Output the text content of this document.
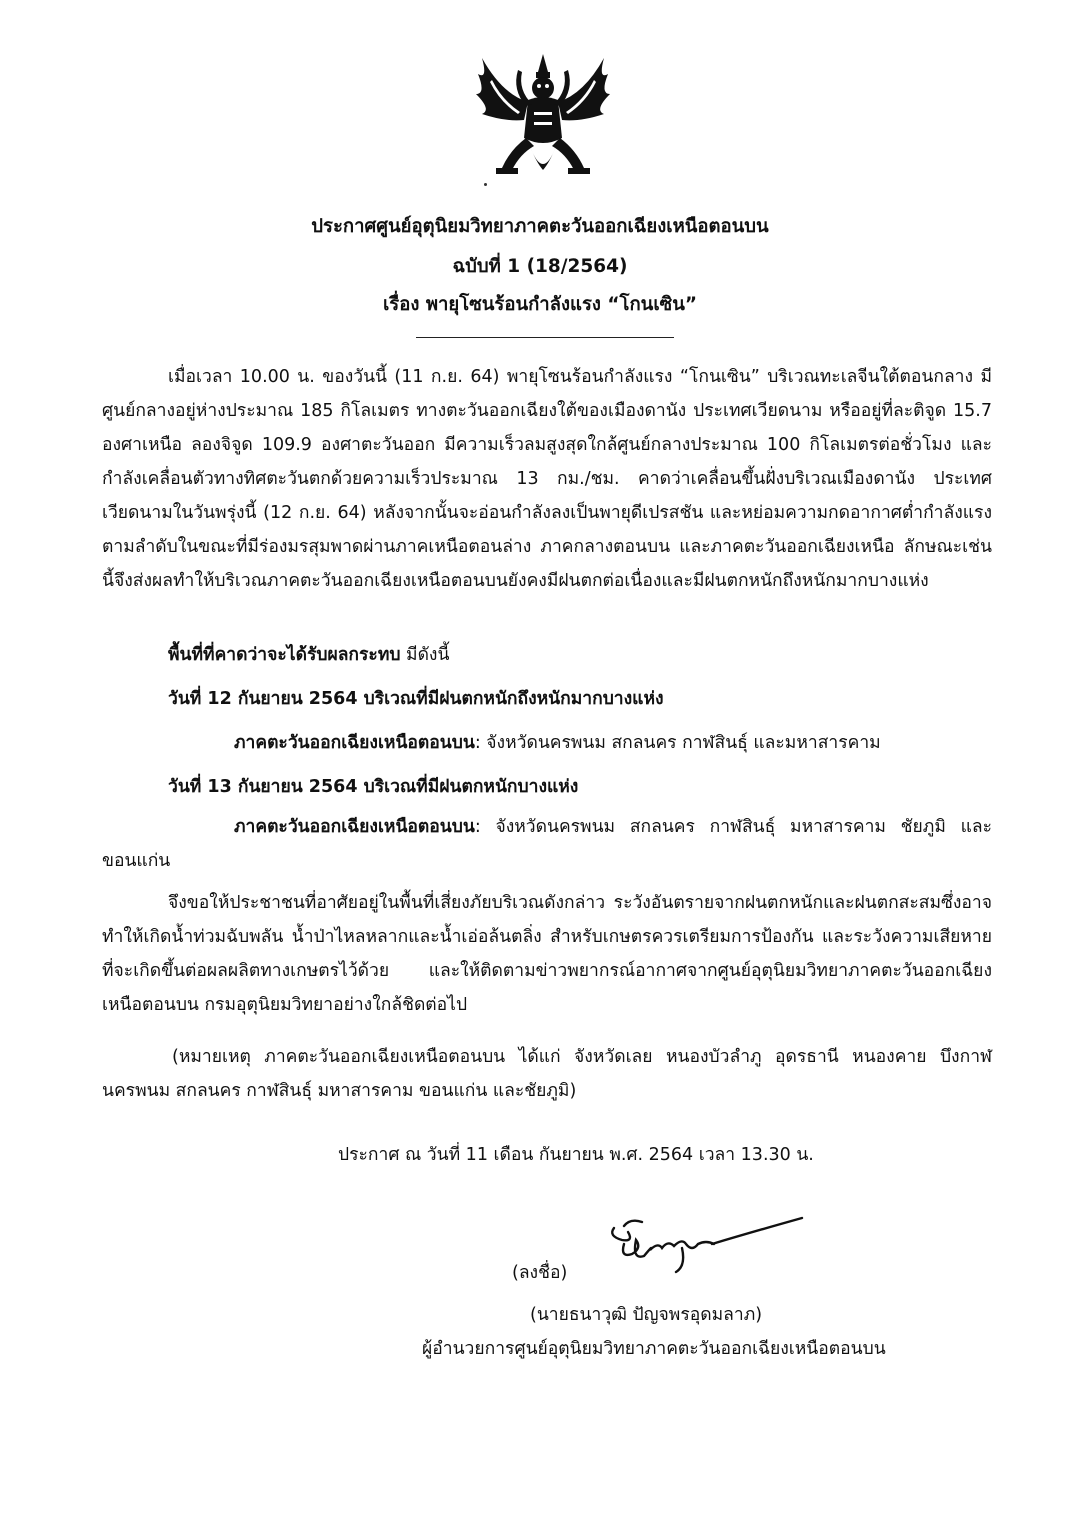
ประกาศศูนย์อุตุนิยมวิทยาภาคตะวันออกเฉียงเหนือตอนบน
ฉบับที่ 1 (18/2564)
เรื่อง พายุโซนร้อนกำลังแรง “โกนเซิน”

เมื่อเวลา 10.00 น. ของวันนี้ (11 ก.ย. 64) พายุโซนร้อนกำลังแรง “โกนเซิน” บริเวณทะเลจีนใต้ตอนกลาง มีศูนย์กลางอยู่ห่างประมาณ 185 กิโลเมตร ทางตะวันออกเฉียงใต้ของเมืองดานัง ประเทศเวียดนาม หรืออยู่ที่ละติจูด 15.7 องศาเหนือ ลองจิจูด 109.9 องศาตะวันออก มีความเร็วลมสูงสุดใกล้ศูนย์กลางประมาณ 100 กิโลเมตรต่อชั่วโมง และกำลังเคลื่อนตัวทางทิศตะวันตกด้วยความเร็วประมาณ 13 กม./ชม. คาดว่าเคลื่อนขึ้นฝั่งบริเวณเมืองดานัง ประเทศเวียดนามในวันพรุ่งนี้ (12 ก.ย. 64) หลังจากนั้นจะอ่อนกำลังลงเป็นพายุดีเปรสชัน และหย่อมความกดอากาศต่ำกำลังแรงตามลำดับในขณะที่มีร่องมรสุมพาดผ่านภาคเหนือตอนล่าง ภาคกลางตอนบน และภาคตะวันออกเฉียงเหนือ ลักษณะเช่นนี้จึงส่งผลทำให้บริเวณภาคตะวันออกเฉียงเหนือตอนบนยังคงมีฝนตกต่อเนื่องและมีฝนตกหนักถึงหนักมากบางแห่ง

พื้นที่ที่คาดว่าจะได้รับผลกระทบ มีดังนี้
วันที่ 12 กันยายน 2564 บริเวณที่มีฝนตกหนักถึงหนักมากบางแห่ง
ภาคตะวันออกเฉียงเหนือตอนบน: จังหวัดนครพนม สกลนคร กาฬสินธุ์ และมหาสารคาม
วันที่ 13 กันยายน 2564 บริเวณที่มีฝนตกหนักบางแห่ง

ภาคตะวันออกเฉียงเหนือตอนบน: จังหวัดนครพนม สกลนคร กาฬสินธุ์ มหาสารคาม ชัยภูมิ และขอนแก่น

จึงขอให้ประชาชนที่อาศัยอยู่ในพื้นที่เสี่ยงภัยบริเวณดังกล่าว ระวังอันตรายจากฝนตกหนักและฝนตกสะสมซึ่งอาจทำให้เกิดน้ำท่วมฉับพลัน น้ำป่าไหลหลากและน้ำเอ่อล้นตลิ่ง สำหรับเกษตรควรเตรียมการป้องกัน และระวังความเสียหายที่จะเกิดขึ้นต่อผลผลิตทางเกษตรไว้ด้วย และให้ติดตามข่าวพยากรณ์อากาศจากศูนย์อุตุนิยมวิทยาภาคตะวันออกเฉียงเหนือตอนบน กรมอุตุนิยมวิทยาอย่างใกล้ชิดต่อไป

(หมายเหตุ ภาคตะวันออกเฉียงเหนือตอนบน ได้แก่ จังหวัดเลย หนองบัวลำภู อุดรธานี หนองคาย บึงกาฬ นครพนม สกลนคร กาฬสินธุ์ มหาสารคาม ขอนแก่น และชัยภูมิ)

ประกาศ ณ วันที่ 11 เดือน กันยายน พ.ศ. 2564 เวลา 13.30 น.
(ลงชื่อ)
(นายธนาวุฒิ ปัญจพรอุดมลาภ)
ผู้อำนวยการศูนย์อุตุนิยมวิทยาภาคตะวันออกเฉียงเหนือตอนบน
